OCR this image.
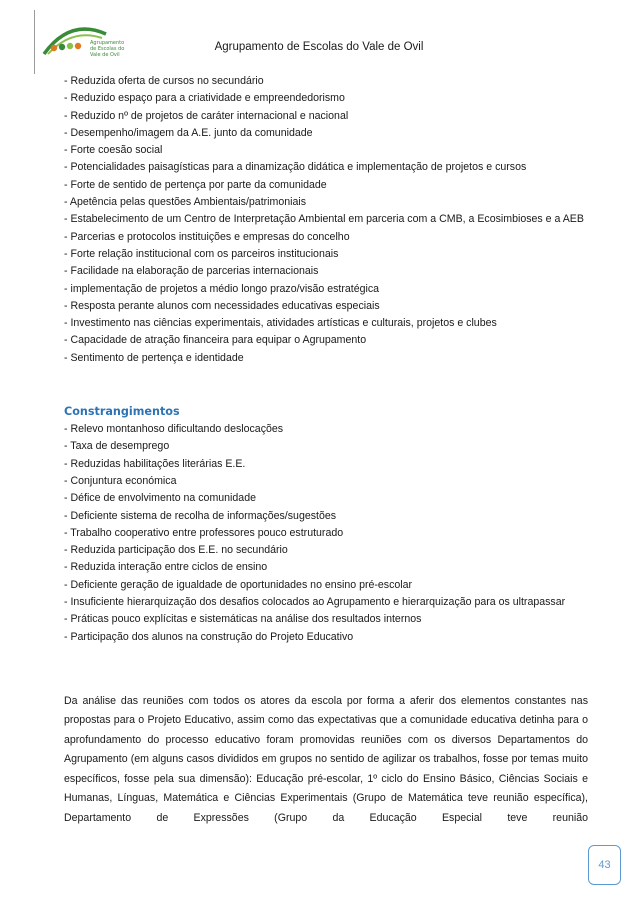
Agrupamento
de Escolas do
Vale de Ovil
Agrupamento de Escolas do Vale de Ovil
- Reduzida oferta de cursos no secundário
- Reduzido espaço para a criatividade e empreendedorismo
- Reduzido nº de projetos de caráter internacional e nacional
- Desempenho/imagem da A.E. junto da comunidade
- Forte coesão social
- Potencialidades paisagísticas para a dinamização didática e implementação de projetos e cursos
- Forte de sentido de pertença por parte da comunidade
- Apetência pelas questões Ambientais/patrimoniais
- Estabelecimento de um Centro de Interpretação Ambiental em parceria com a CMB, a Ecosimbioses e a AEB
- Parcerias e protocolos instituições e empresas do concelho
- Forte relação institucional com os parceiros institucionais
- Facilidade na elaboração de parcerias internacionais
- implementação de projetos a médio longo prazo/visão estratégica
- Resposta perante alunos com necessidades educativas especiais
- Investimento nas ciências experimentais, atividades artísticas e culturais, projetos e clubes
- Capacidade de atração financeira para equipar o Agrupamento
- Sentimento de pertença e identidade
Constrangimentos
- Relevo montanhoso dificultando deslocações
- Taxa de desemprego
- Reduzidas habilitações literárias E.E.
- Conjuntura económica
- Défice de envolvimento na comunidade
- Deficiente sistema de recolha de informações/sugestões
- Trabalho cooperativo entre professores pouco estruturado
- Reduzida participação dos E.E. no secundário
- Reduzida interação entre ciclos de ensino
- Deficiente geração de igualdade de oportunidades no ensino pré-escolar
- Insuficiente hierarquização dos desafios colocados ao Agrupamento e hierarquização para os ultrapassar
- Práticas pouco explícitas e sistemáticas na análise dos resultados internos
- Participação dos alunos na construção do Projeto Educativo
Da análise das reuniões com todos os atores da escola por forma a aferir dos elementos constantes nas propostas para o Projeto Educativo, assim como das expectativas que a comunidade educativa detinha para o aprofundamento do processo educativo foram promovidas reuniões com os diversos Departamentos do Agrupamento (em alguns casos divididos em grupos no sentido de agilizar os trabalhos, fosse por temas muito específicos, fosse pela sua dimensão): Educação pré-escolar, 1º ciclo do Ensino Básico, Ciências Sociais e Humanas, Línguas, Matemática e Ciências Experimentais (Grupo de Matemática teve reunião específica), Departamento de Expressões (Grupo da Educação Especial teve reunião
43
